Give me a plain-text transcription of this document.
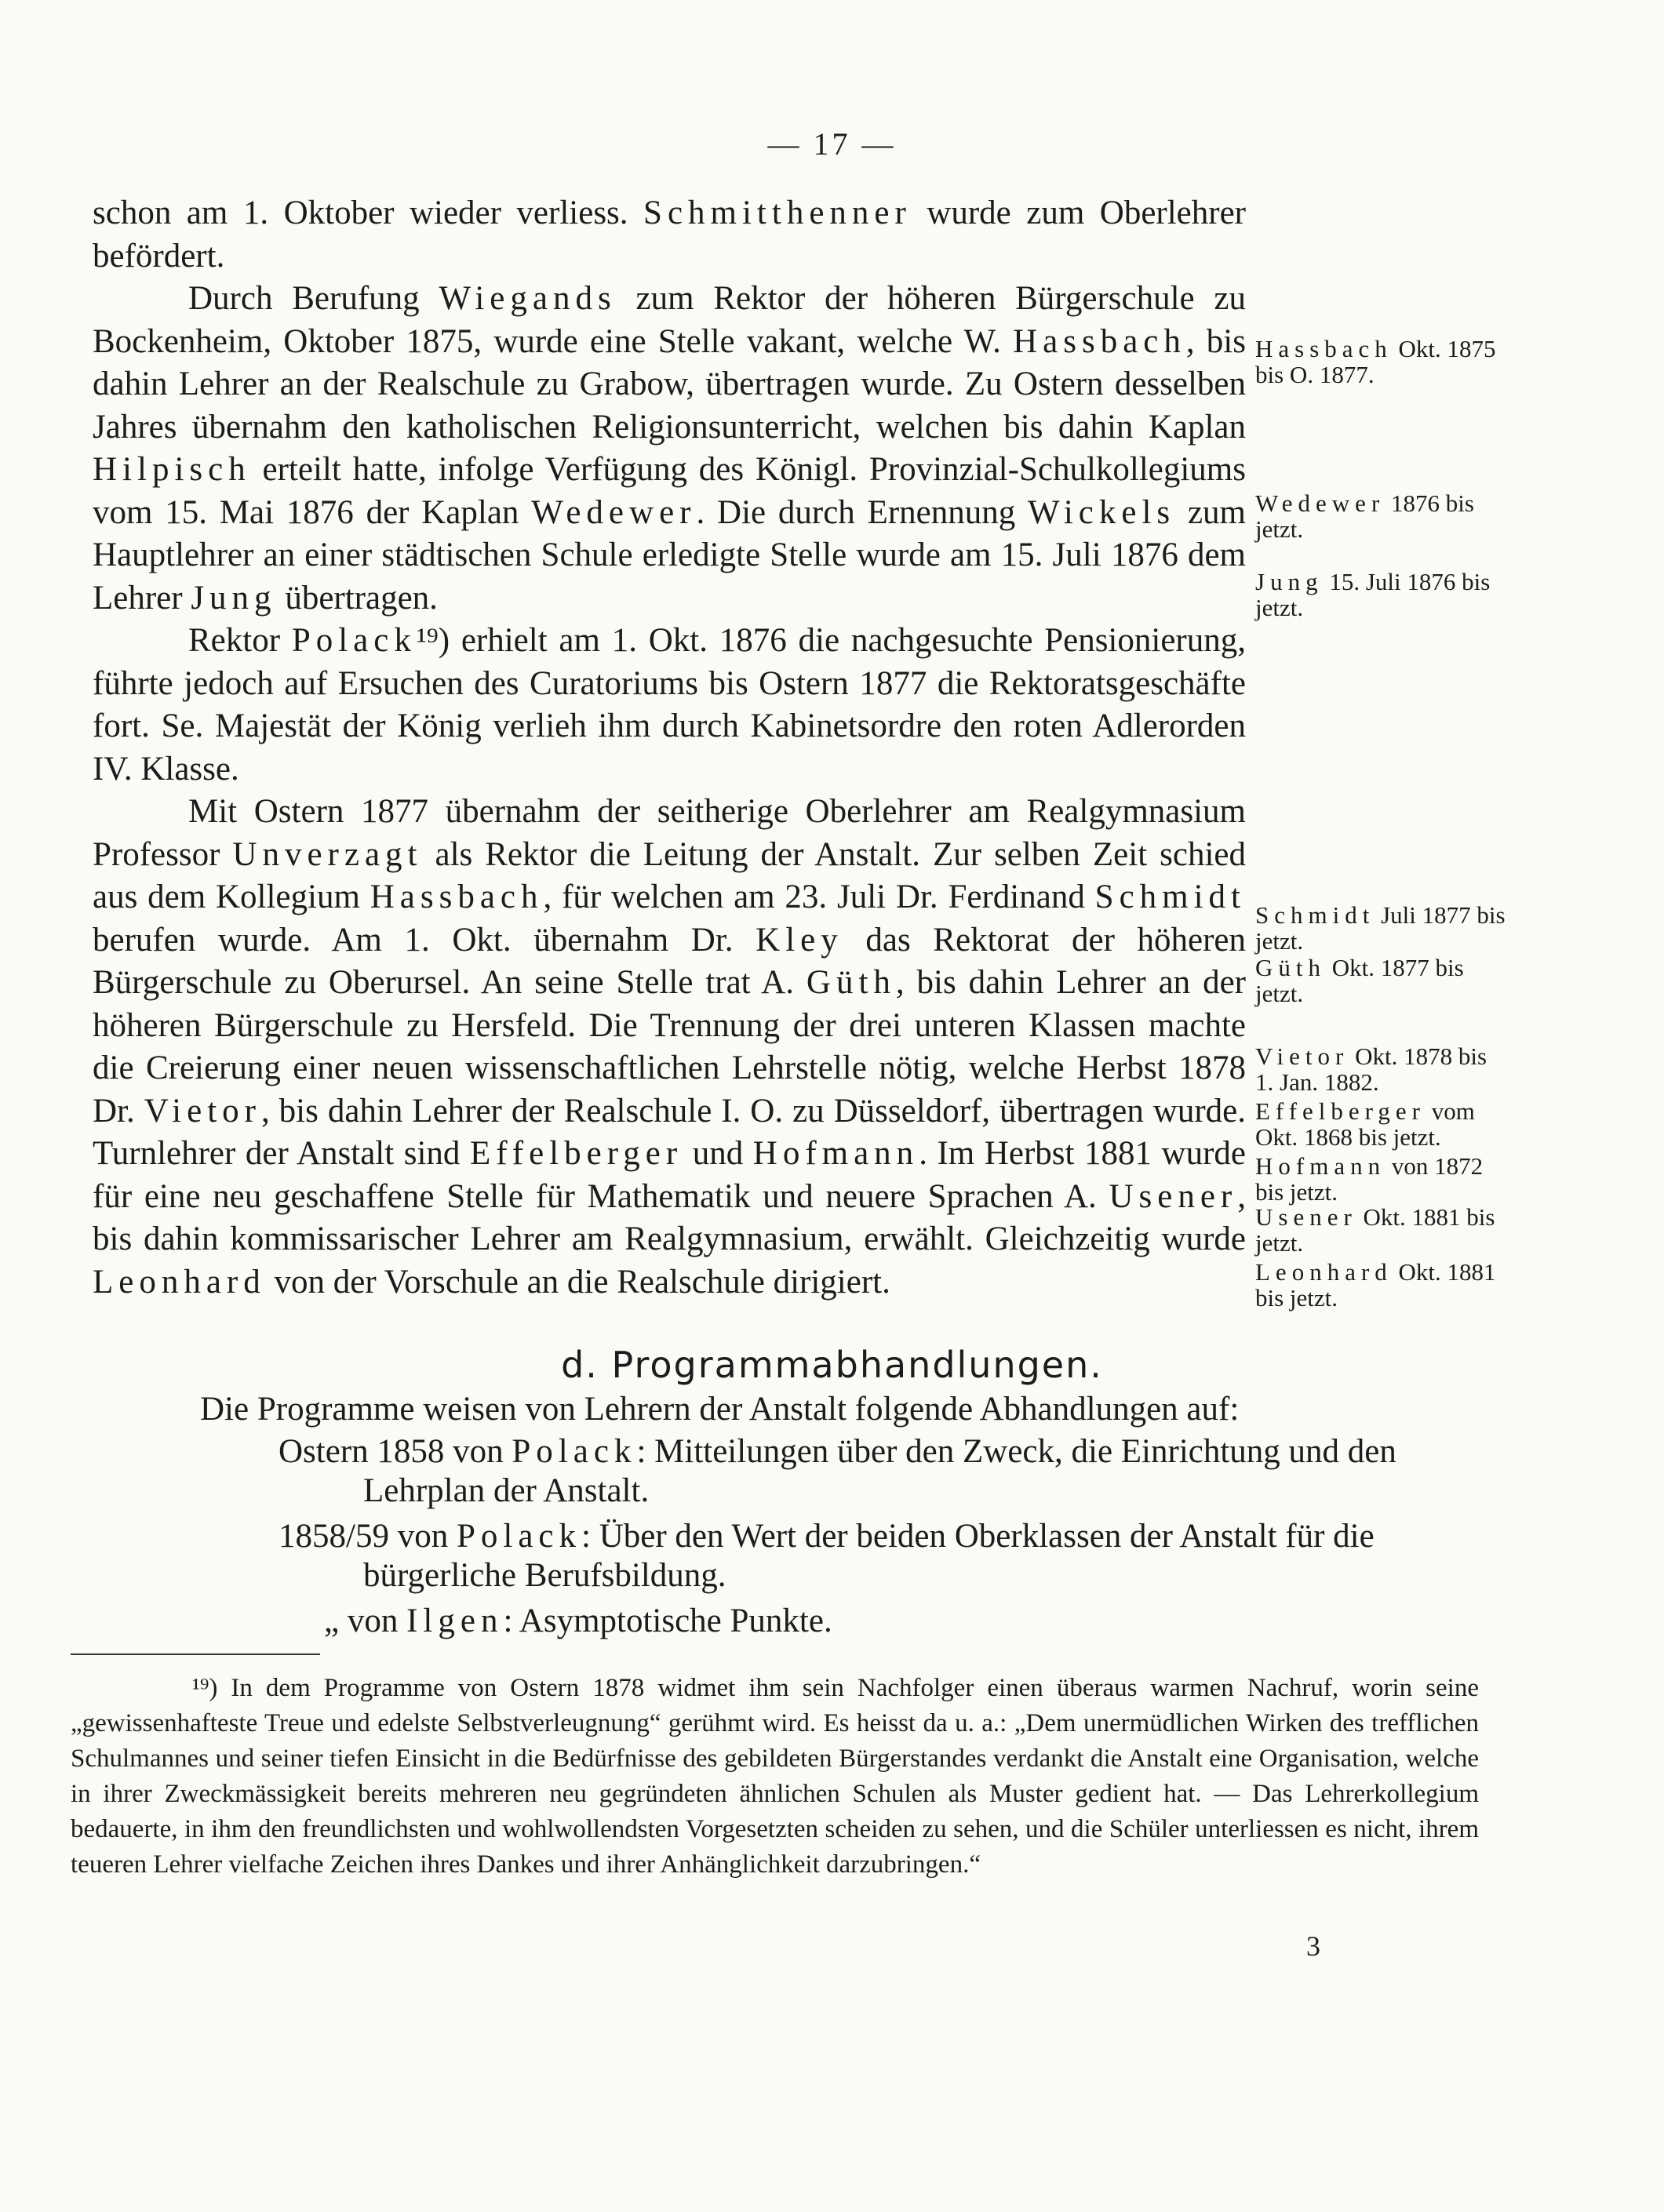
— 17 —

schon am 1. Oktober wieder verliess. Schmitthenner wurde zum Oberlehrer befördert.

Durch Berufung Wiegands zum Rektor der höheren Bürgerschule zu Bockenheim, Oktober 1875, wurde eine Stelle vakant, welche W. Hassbach, bis dahin Lehrer an der Realschule zu Grabow, übertragen wurde. Zu Ostern desselben Jahres übernahm den katholischen Religionsunterricht, welchen bis dahin Kaplan Hilpisch erteilt hatte, infolge Verfügung des Königl. Provinzial-Schulkollegiums vom 15. Mai 1876 der Kaplan Wedewer. Die durch Ernennung Wickels zum Hauptlehrer an einer städtischen Schule erledigte Stelle wurde am 15. Juli 1876 dem Lehrer Jung übertragen.

Rektor Polack¹⁹) erhielt am 1. Okt. 1876 die nachgesuchte Pensionierung, führte jedoch auf Ersuchen des Curatoriums bis Ostern 1877 die Rektoratsgeschäfte fort. Se. Majestät der König verlieh ihm durch Kabinetsordre den roten Adlerorden IV. Klasse.

Mit Ostern 1877 übernahm der seitherige Oberlehrer am Realgymnasium Professor Unverzagt als Rektor die Leitung der Anstalt. Zur selben Zeit schied aus dem Kollegium Hassbach, für welchen am 23. Juli Dr. Ferdinand Schmidt berufen wurde. Am 1. Okt. übernahm Dr. Kley das Rektorat der höheren Bürgerschule zu Oberursel. An seine Stelle trat A. Güth, bis dahin Lehrer an der höheren Bürgerschule zu Hersfeld. Die Trennung der drei unteren Klassen machte die Creierung einer neuen wissenschaftlichen Lehrstelle nötig, welche Herbst 1878 Dr. Vietor, bis dahin Lehrer der Realschule I. O. zu Düsseldorf, übertragen wurde. Turnlehrer der Anstalt sind Effelberger und Hofmann. Im Herbst 1881 wurde für eine neu geschaffene Stelle für Mathematik und neuere Sprachen A. Usener, bis dahin kommissarischer Lehrer am Realgymnasium, erwählt. Gleichzeitig wurde Leonhard von der Vorschule an die Realschule dirigiert.

Hassbach Okt. 1875 bis O. 1877.
Wedewer 1876 bis jetzt.
Jung 15. Juli 1876 bis jetzt.
Schmidt Juli 1877 bis jetzt.
Güth Okt. 1877 bis jetzt.
Vietor Okt. 1878 bis 1. Jan. 1882.
Effelberger vom Okt. 1868 bis jetzt.
Hofmann von 1872 bis jetzt.
Usener Okt. 1881 bis jetzt.
Leonhard Okt. 1881 bis jetzt.
d. Programmabhandlungen.
Die Programme weisen von Lehrern der Anstalt folgende Abhandlungen auf:
Ostern 1858 von Polack: Mitteilungen über den Zweck, die Einrichtung und den
Lehrplan der Anstalt.
1858/59 von Polack: Über den Wert der beiden Oberklassen der Anstalt für die
bürgerliche Berufsbildung.
„ von Ilgen: Asymptotische Punkte.
¹⁹) In dem Programme von Ostern 1878 widmet ihm sein Nachfolger einen überaus warmen Nachruf, worin seine „gewissenhafteste Treue und edelste Selbstverleugnung“ gerühmt wird. Es heisst da u. a.: „Dem unermüdlichen Wirken des trefflichen Schulmannes und seiner tiefen Einsicht in die Bedürfnisse des gebildeten Bürgerstandes verdankt die Anstalt eine Organisation, welche in ihrer Zweckmässigkeit bereits mehreren neu gegründeten ähnlichen Schulen als Muster gedient hat. — Das Lehrerkollegium bedauerte, in ihm den freundlichsten und wohlwollendsten Vorgesetzten scheiden zu sehen, und die Schüler unterliessen es nicht, ihrem teueren Lehrer vielfache Zeichen ihres Dankes und ihrer Anhänglichkeit darzubringen.“
3
